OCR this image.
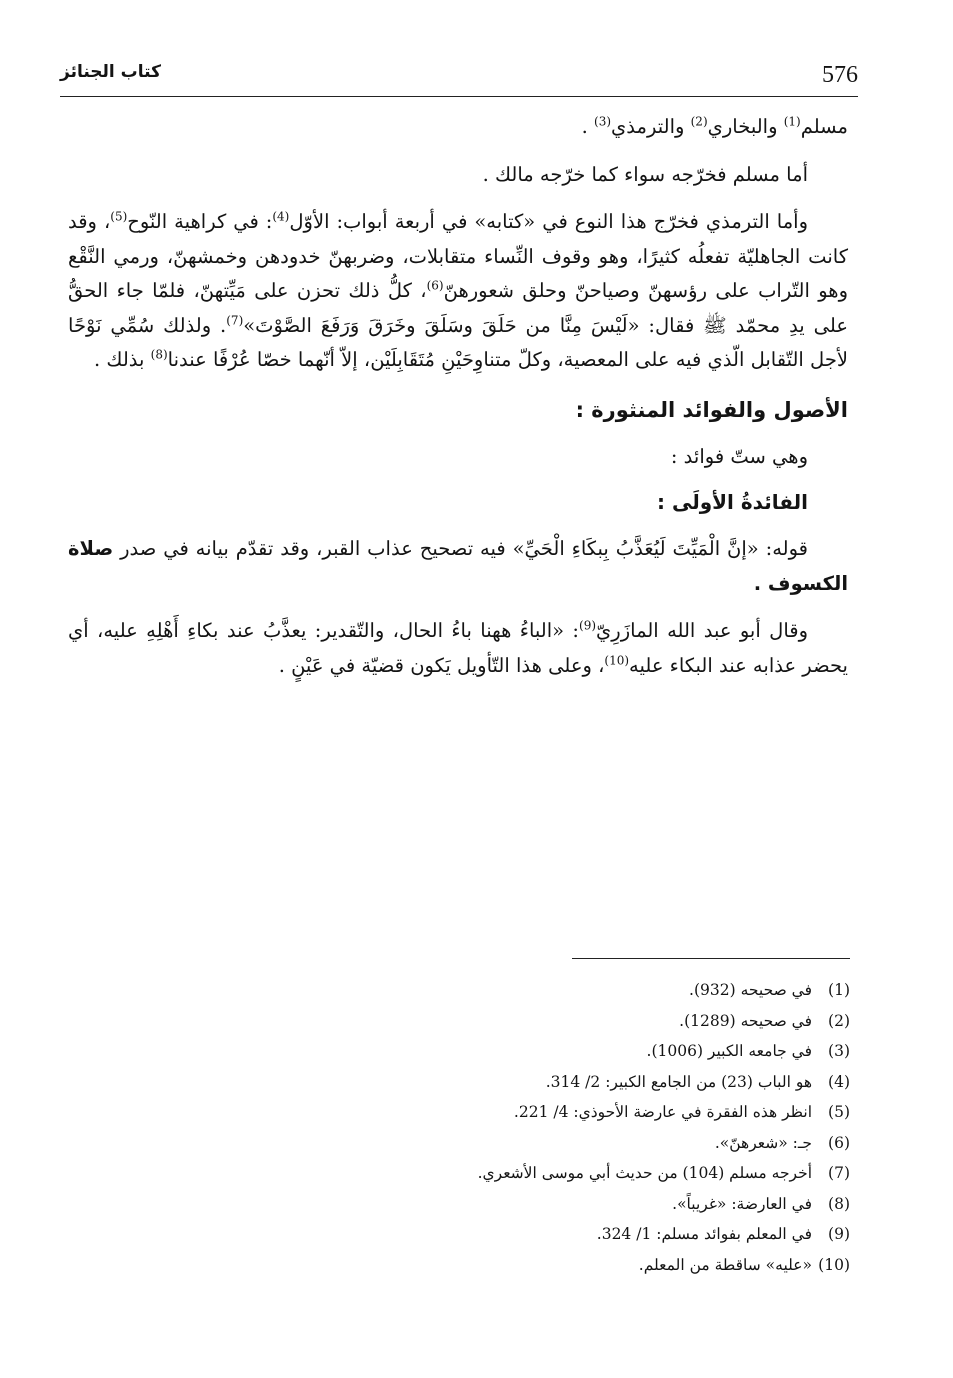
576
كتاب الجنائز

مسلم$^{(1)}$ والبخاري$^{(2)}$ والترمذي$^{(3)}$ .

أما مسلم فخرّجه سواء كما خرّجه مالك .

وأما الترمذي فخرّج هذا النوع في «كتابه» في أربعة أبواب: الأوّل$^{(4)}$: في كراهية النّوح$^{(5)}$، وقد كانت الجاهليّة تفعلُه كثيرًا، وهو وقوف النِّساء متقابلات، وضربهنّ خدودهن وخمشهنّ، ورمي النَّقْع وهو التّراب على رؤسهنّ وصياحنّ وحلق شعورهنّ$^{(6)}$، كلُّ ذلك تحزن على مَيِّتهنّ، فلمّا جاء الحقُّ على يدِ محمّد ﷺ فقال: «لَيْسَ مِنَّا من حَلَقَ وسَلَقَ وخَرَقَ وَرَفَعَ الصَّوْتَ»$^{(7)}$. ولذلك سُمِّي نَوْحًا لأجل التّقابل الّذي فيه على المعصية، وكلّ متناوِحَيْنِ مُتَقَابِلَيْن، إلاّ أنّهما خصّا عُرْفًا عندنا$^{(8)}$ بذلك .

الأصول والفوائد المنثورة :

وهي ستّ فوائد :

الفائدةُ الأولَى :

قوله: «إنَّ الْمَيِّتَ لَيُعَذَّبُ بِبكَاءِ الْحَيِّ» فيه تصحيح عذاب القبر، وقد تقدّم بيانه في صدر صلاة الكسوف .

وقال أبو عبد الله المازَرِيّ$^{(9)}$: «الباءُ ههنا باءُ الحال، والتّقدير: يعذَّبُ عند بكاءِ أَهْلِهِ عليه، أي يحضر عذابه عند البكاء عليه$^{(10)}$، وعلى هذا التّأويل يَكون قضيّة في عَيْنٍ .

(1)
في صحيحه (932).
(2)
في صحيحه (1289).
(3)
في جامعه الكبير (1006).
(4)
هو الباب (23) من الجامع الكبير: 2/ 314.
(5)
انظر هذه الفقرة في عارضة الأحوذي: 4/ 221.
(6)
جـ: «شعرهنّ».
(7)
أخرجه مسلم (104) من حديث أبي موسى الأشعري.
(8)
في العارضة: «غريباً».
(9)
في المعلم بفوائد مسلم: 1/ 324.
(10)
«عليه» ساقطة من المعلم.
